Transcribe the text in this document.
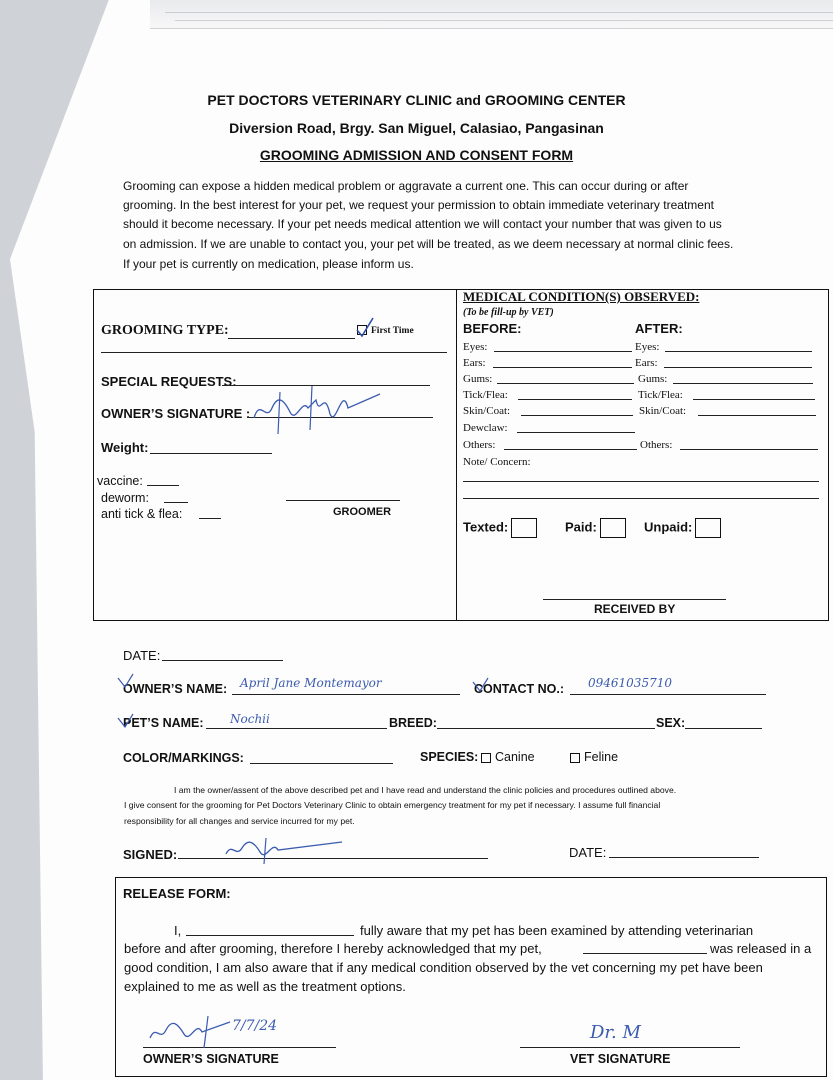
PET DOCTORS VETERINARY CLINIC and GROOMING CENTER
Diversion Road, Brgy. San Miguel, Calasiao, Pangasinan
GROOMING ADMISSION AND CONSENT FORM
Grooming can expose a hidden medical problem or aggravate a current one. This can occur during or after
grooming. In the best interest for your pet, we request your permission to obtain immediate veterinary treatment
should it become necessary. If your pet needs medical attention we will contact your number that was given to us
on admission. If we are unable to contact you, your pet will be treated, as we deem necessary at normal clinic fees.
If your pet is currently on medication, please inform us.
GROOMING TYPE:	First Time
SPECIAL REQUESTS:
OWNER’S SIGNATURE :
Weight:
vaccine:
deworm:
anti tick & flea:	GROOMER
MEDICAL CONDITION(S) OBSERVED:
(To be fill-up by VET)
BEFORE:	AFTER:
Eyes:	Eyes:
Ears:	Ears:
Gums:	Gums:
Tick/Flea:	Tick/Flea:
Skin/Coat:	Skin/Coat:
Dewclaw:
Others:	Others:
Note/ Concern:
Texted:	Paid:	Unpaid:
RECEIVED BY
DATE:
OWNER’S NAME: April Jane Montemayor	CONTACT NO.: 09461035710
PET’S NAME: Nochii	BREED:	SEX:
COLOR/MARKINGS:	SPECIES:	Canine	Feline
I am the owner/assent of the above described pet and I have read and understand the clinic policies and procedures outlined above.
I give consent for the grooming for Pet Doctors Veterinary Clinic to obtain emergency treatment for my pet if necessary. I assume full financial
responsibility for all changes and service incurred for my pet.
SIGNED:	DATE:
RELEASE FORM:
I,	fully aware that my pet has been examined by attending veterinarian
before and after grooming, therefore I hereby acknowledged that my pet,	was released in a
good condition, I am also aware that if any medical condition observed by the vet concerning my pet have been
explained to me as well as the treatment options.
7/7/24
OWNER’S SIGNATURE
Dr. M
VET SIGNATURE
